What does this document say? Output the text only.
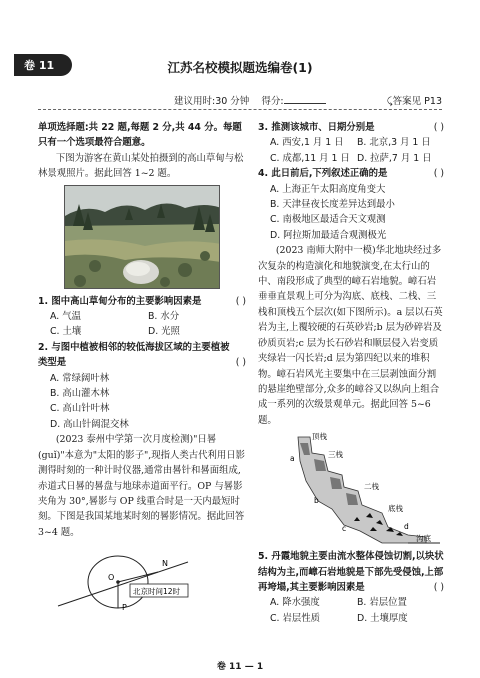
卷 11	江苏名校模拟题选编卷(1)
建议用时:30 分钟 得分:	⤹答案见 P13
单项选择题:共 22 题,每题 2 分,共 44 分。每题只有一个选项最符合题意。
下图为游客在黄山某处拍摄到的高山草甸与松林景观照片。据此回答 1~2 题。
( )
1. 图中高山草甸分布的主要影响因素是
A. 气温	B. 水分
C. 土壤	D. 光照
( )
2. 与图中植被相邻的较低海拔区域的主要植被类型是
A. 常绿阔叶林
B. 高山灌木林
C. 高山针叶林
D. 高山针阔混交林
(2023 泰州中学第一次月度检测)"日晷(guǐ)"本意为"太阳的影子",现指人类古代利用日影测得时刻的一种计时仪器,通常由晷针和晷面组成,赤道式日晷的晷盘与地球赤道面平行。OP 与晷影夹角为 30°,晷影与 OP 线重合时是一天内最短时刻。下图是我国某地某时刻的晷影情况。据此回答 3~4 题。
N
O
P
北京时间12时
( )
3. 推测该城市、日期分别是
A. 西安,1 月 1 日	B. 北京,3 月 1 日
C. 成都,11 月 1 日 D. 拉萨,7 月 1 日
( )
4. 此日前后,下列叙述正确的是
A. 上海正午太阳高度角变大
B. 天津昼夜长度差异达到最小
C. 南极地区最适合天文观测
D. 阿拉斯加最适合观测极光
(2023 南师大附中一模)华北地块经过多次复杂的构造演化和地貌演变,在太行山的中、南段形成了典型的嶂石岩地貌。嶂石岩垂垂直景观上可分为沟底、底栈、二栈、三栈和顶栈五个层次(如下图所示)。a 层以石英岩为主,上覆较硬的石英砂岩;b 层为砂碎岩及砂质页岩;c 层为长石砂岩和顺层侵入岩变质夹绿岩一闪长岩;d 层为第四纪以来的堆积物。嶂石岩风光主要集中在三层剥蚀面分割的悬崖绝壁部分,众多的嶂谷又以纵向上组合成一系列的次级景观单元。据此回答 5~6 题。
顶栈
三栈
二栈
底栈
沟底
a
b
c	d
5. 丹霞地貌主要由流水整体侵蚀切割,以块状结构为主,而嶂石岩地貌是下部先受侵蚀,上部再垮塌,其主要影响因素是	( )
A. 降水强度	B. 岩层位置
C. 岩层性质	D. 土壤厚度
卷 11 — 1
